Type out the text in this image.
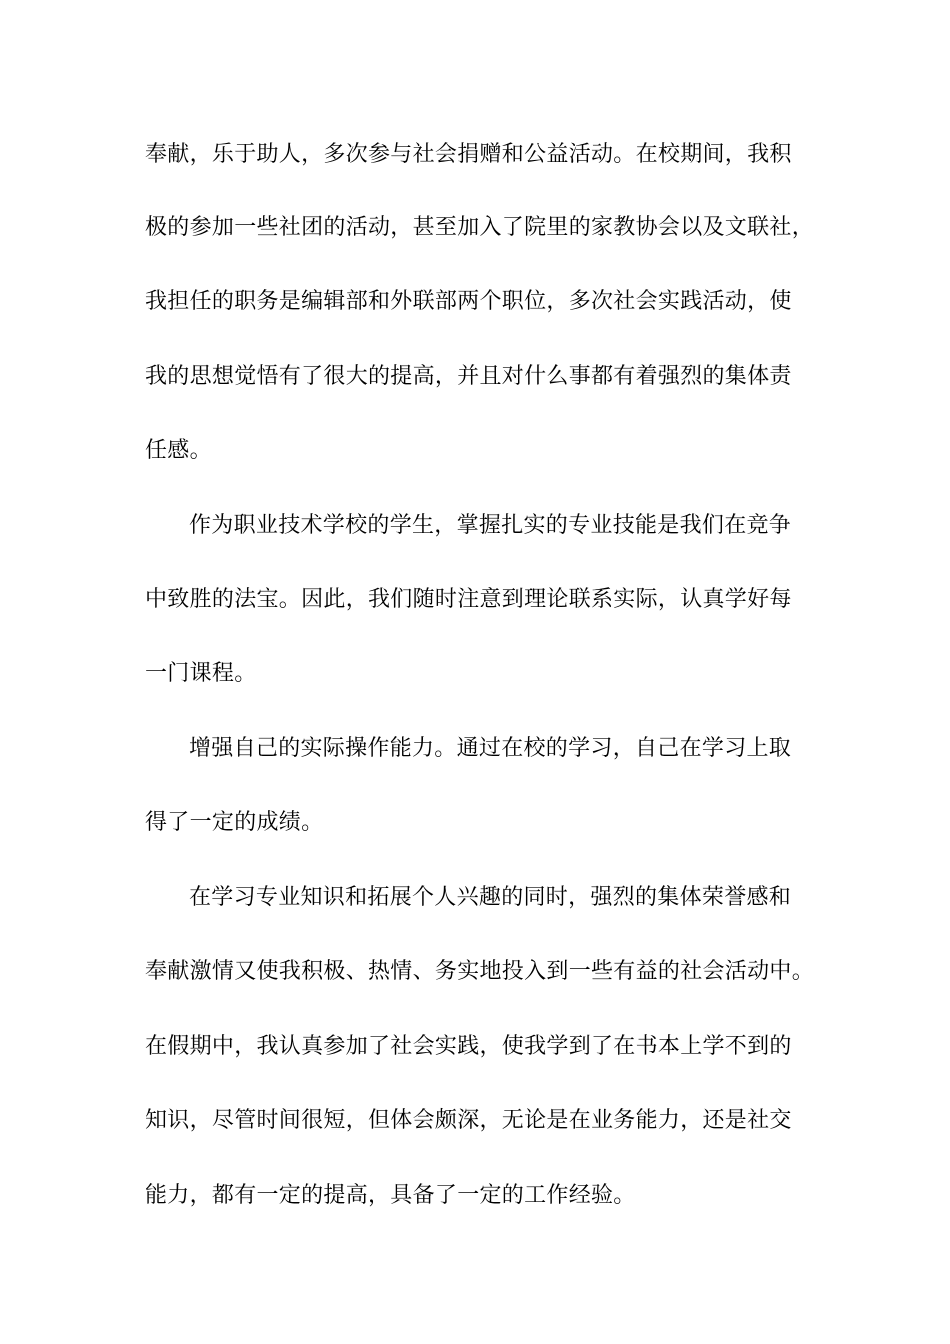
奉献，乐于助人，多次参与社会捐赠和公益活动。在校期间，我积
极的参加一些社团的活动，甚至加入了院里的家教协会以及文联社，
我担任的职务是编辑部和外联部两个职位，多次社会实践活动，使
我的思想觉悟有了很大的提高，并且对什么事都有着强烈的集体责
任感。
作为职业技术学校的学生，掌握扎实的专业技能是我们在竞争
中致胜的法宝。因此，我们随时注意到理论联系实际，认真学好每
一门课程。
增强自己的实际操作能力。通过在校的学习，自己在学习上取
得了一定的成绩。
在学习专业知识和拓展个人兴趣的同时，强烈的集体荣誉感和
奉献激情又使我积极、热情、务实地投入到一些有益的社会活动中。
在假期中，我认真参加了社会实践，使我学到了在书本上学不到的
知识，尽管时间很短，但体会颇深，无论是在业务能力，还是社交
能力，都有一定的提高，具备了一定的工作经验。
